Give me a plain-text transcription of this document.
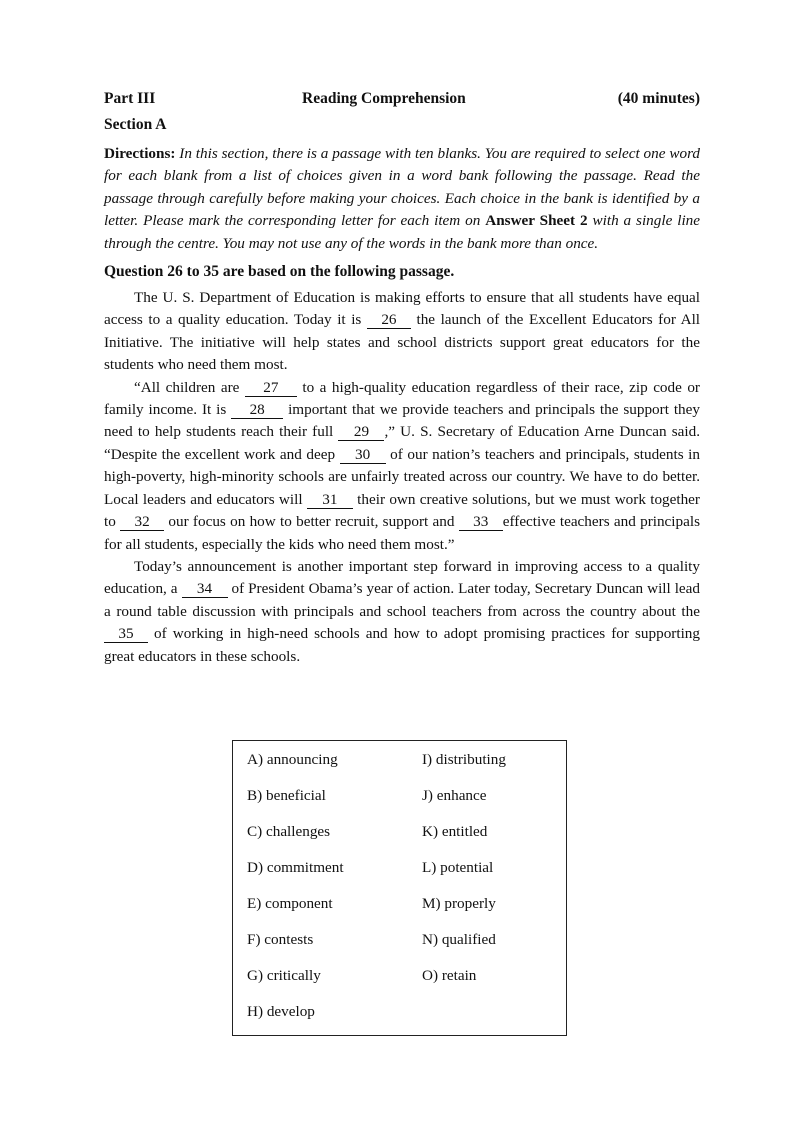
Part III	Reading Comprehension	(40 minutes)
Section A
Directions: In this section, there is a passage with ten blanks. You are required to select one word for each blank from a list of choices given in a word bank following the passage. Read the passage through carefully before making your choices. Each choice in the bank is identified by a letter. Please mark the corresponding letter for each item on Answer Sheet 2 with a single line through the centre. You may not use any of the words in the bank more than once.
Question 26 to 35 are based on the following passage.

The U. S. Department of Education is making efforts to ensure that all students have equal access to a quality education. Today it is 26 the launch of the Excellent Educators for All Initiative. The initiative will help states and school districts support great educators for the students who need them most.

“All children are 27 to a high-quality education regardless of their race, zip code or family income. It is 28 important that we provide teachers and principals the support they need to help students reach their full 29 ,” U. S. Secretary of Education Arne Duncan said. “Despite the excellent work and deep 30 of our nation’s teachers and principals, students in high-poverty, high-minority schools are unfairly treated across our country. We have to do better. Local leaders and educators will 31 their own creative solutions, but we must work together to 32 our focus on how to better recruit, support and 33 effective teachers and principals for all students, especially the kids who need them most.”

Today’s announcement is another important step forward in improving access to a quality education, a 34 of President Obama’s year of action. Later today, Secretary Duncan will lead a round table discussion with principals and school teachers from across the country about the 35 of working in high-need schools and how to adopt promising practices for supporting great educators in these schools.

A) announcing
B) beneficial
C) challenges
D) commitment
E) component
F) contests
G) critically
H) develop
I) distributing
J) enhance
K) entitled
L) potential
M) properly
N) qualified
O) retain
